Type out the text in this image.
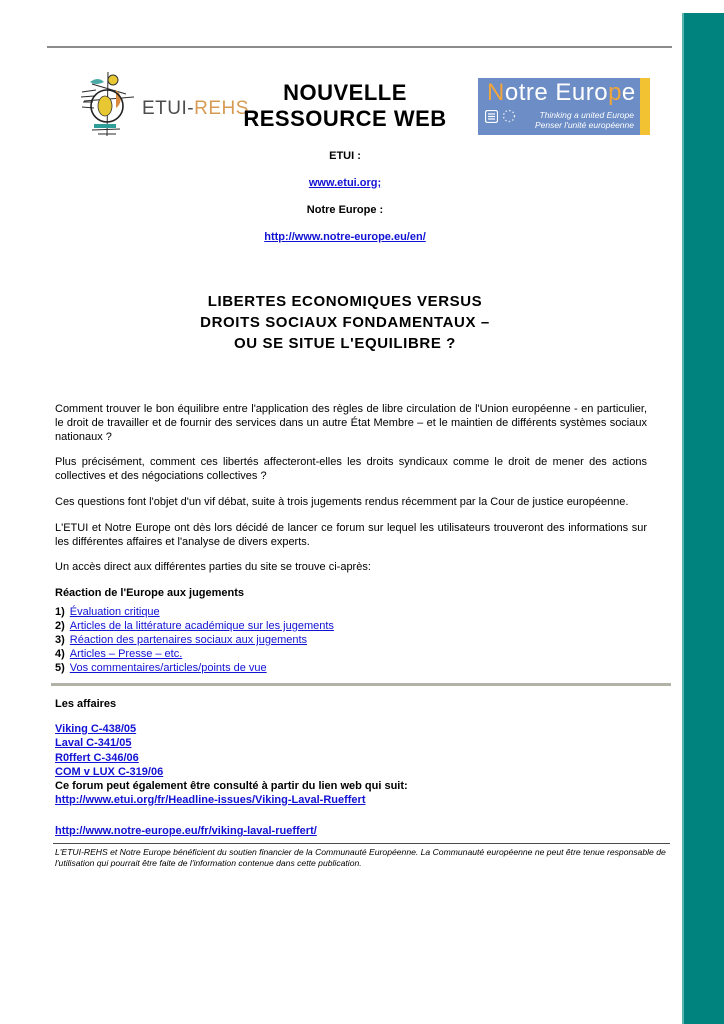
ETUI-REHS
NOUVELLE
RESSOURCE WEB
Notre Europe
Thinking a united Europe
Penser l'unité européenne
ETUI :
www.etui.org;
Notre Europe :
http://www.notre-europe.eu/en/
LIBERTES ECONOMIQUES VERSUS
DROITS SOCIAUX FONDAMENTAUX –
OU SE SITUE L'EQUILIBRE ?

Comment trouver le bon équilibre entre l'application des règles de libre circulation de l'Union européenne - en particulier, le droit de travailler et de fournir des services dans un autre État Membre – et le maintien de différents systèmes sociaux nationaux ?

Plus précisément, comment ces libertés affecteront-elles les droits syndicaux comme le droit de mener des actions collectives et des négociations collectives ?

Ces questions font l'objet d'un vif débat, suite à trois jugements rendus récemment par la Cour de justice européenne.

L'ETUI et Notre Europe ont dès lors décidé de lancer ce forum sur lequel les utilisateurs trouveront des informations sur les différentes affaires et l'analyse de divers experts.

Un accès direct aux différentes parties du site se trouve ci-après:

Réaction de l'Europe aux jugements
1) Évaluation critique
2) Articles de la littérature académique sur les jugements
3) Réaction des partenaires sociaux aux jugements
4) Articles – Presse – etc.
5) Vos commentaires/articles/points de vue
Les affaires
Viking C-438/05
Laval C-341/05
R0ffert C-346/06
COM v LUX C-319/06

Ce forum peut également être consulté à partir du lien web qui suit:

http://www.etui.org/fr/Headline-issues/Viking-Laval-Rueffert
http://www.notre-europe.eu/fr/viking-laval-rueffert/
L'ETUI-REHS et Notre Europe bénéficient du soutien financier de la Communauté Européenne. La Communauté européenne ne peut être tenue responsable de l'utilisation qui pourrait être faite de l'information contenue dans cette publication.
